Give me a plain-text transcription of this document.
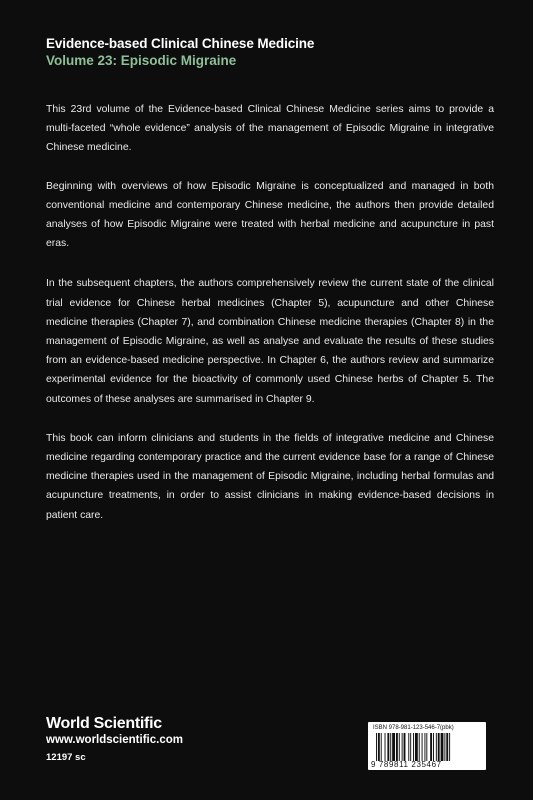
Evidence-based Clinical Chinese Medicine
Volume 23: Episodic Migraine

This 23rd volume of the Evidence-based Clinical Chinese Medicine series aims to provide a multi-faceted “whole evidence” analysis of the management of Episodic Migraine in integrative Chinese medicine.

Beginning with overviews of how Episodic Migraine is conceptualized and managed in both conventional medicine and contemporary Chinese medicine, the authors then provide detailed analyses of how Episodic Migraine were treated with herbal medicine and acupuncture in past eras.

In the subsequent chapters, the authors comprehensively review the current state of the clinical trial evidence for Chinese herbal medicines (Chapter 5), acupuncture and other Chinese medicine therapies (Chapter 7), and combination Chinese medicine therapies (Chapter 8) in the management of Episodic Migraine, as well as analyse and evaluate the results of these studies from an evidence-based medicine perspective. In Chapter 6, the authors review and summarize experimental evidence for the bioactivity of commonly used Chinese herbs of Chapter 5. The outcomes of these analyses are summarised in Chapter 9.

This book can inform clinicians and students in the fields of integrative medicine and Chinese medicine regarding contemporary practice and the current evidence base for a range of Chinese medicine therapies used in the management of Episodic Migraine, including herbal formulas and acupuncture treatments, in order to assist clinicians in making evidence-based decisions in patient care.

World Scientific
www.worldscientific.com
12197 sc
ISBN 978-981-123-546-7(pbk)
9 789811 235467
